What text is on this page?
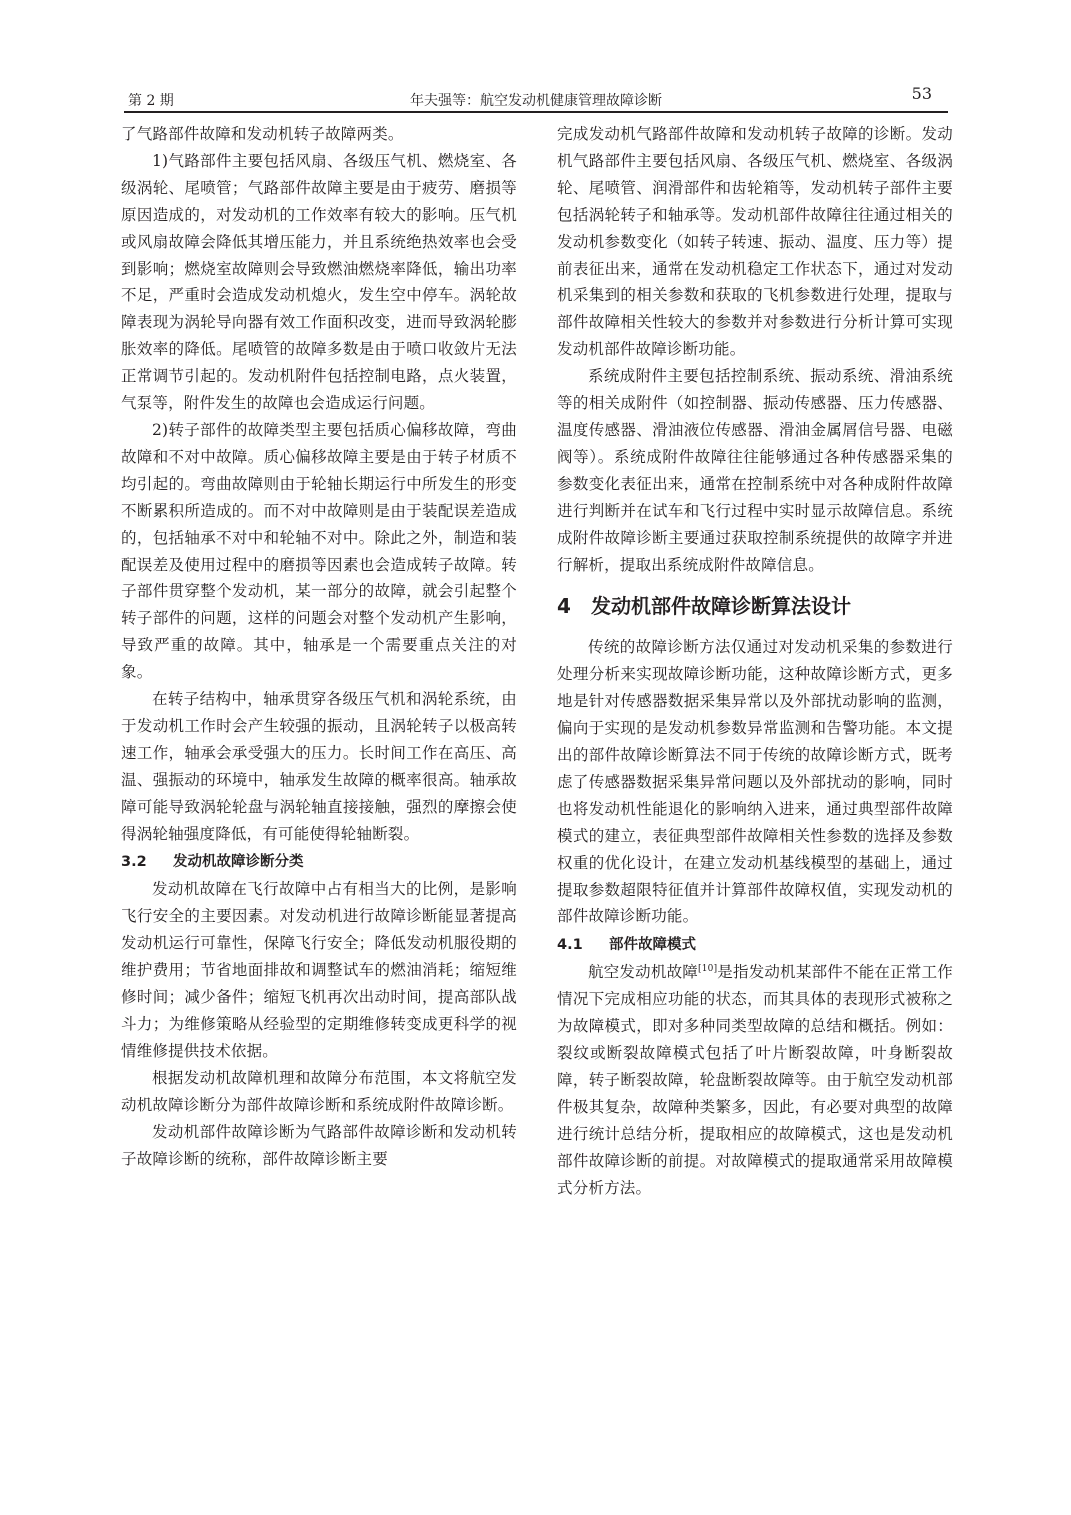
第 2 期	年夫强等：航空发动机健康管理故障诊断	53

了气路部件故障和发动机转子故障两类。

1)气路部件主要包括风扇、各级压气机、燃烧室、各级涡轮、尾喷管；气路部件故障主要是由于疲劳、磨损等原因造成的，对发动机的工作效率有较大的影响。压气机或风扇故障会降低其增压能力，并且系统绝热效率也会受到影响；燃烧室故障则会导致燃油燃烧率降低，输出功率不足，严重时会造成发动机熄火，发生空中停车。涡轮故障表现为涡轮导向器有效工作面积改变，进而导致涡轮膨胀效率的降低。尾喷管的故障多数是由于喷口收敛片无法正常调节引起的。发动机附件包括控制电路，点火装置，气泵等，附件发生的故障也会造成运行问题。

2)转子部件的故障类型主要包括质心偏移故障，弯曲故障和不对中故障。质心偏移故障主要是由于转子材质不均引起的。弯曲故障则由于轮轴长期运行中所发生的形变不断累积所造成的。而不对中故障则是由于装配误差造成的，包括轴承不对中和轮轴不对中。除此之外，制造和装配误差及使用过程中的磨损等因素也会造成转子故障。转子部件贯穿整个发动机，某一部分的故障，就会引起整个转子部件的问题，这样的问题会对整个发动机产生影响，导致严重的故障。其中，轴承是一个需要重点关注的对象。

在转子结构中，轴承贯穿各级压气机和涡轮系统，由于发动机工作时会产生较强的振动，且涡轮转子以极高转速工作，轴承会承受强大的压力。长时间工作在高压、高温、强振动的环境中，轴承发生故障的概率很高。轴承故障可能导致涡轮轮盘与涡轮轴直接接触，强烈的摩擦会使得涡轮轴强度降低，有可能使得轮轴断裂。

3.2 发动机故障诊断分类

发动机故障在飞行故障中占有相当大的比例，是影响飞行安全的主要因素。对发动机进行故障诊断能显著提高发动机运行可靠性，保障飞行安全；降低发动机服役期的维护费用；节省地面排故和调整试车的燃油消耗；缩短维修时间；减少备件；缩短飞机再次出动时间，提高部队战斗力；为维修策略从经验型的定期维修转变成更科学的视情维修提供技术依据。

根据发动机故障机理和故障分布范围，本文将航空发动机故障诊断分为部件故障诊断和系统成附件故障诊断。

发动机部件故障诊断为气路部件故障诊断和发动机转子故障诊断的统称，部件故障诊断主要

完成发动机气路部件故障和发动机转子故障的诊断。发动机气路部件主要包括风扇、各级压气机、燃烧室、各级涡轮、尾喷管、润滑部件和齿轮箱等，发动机转子部件主要包括涡轮转子和轴承等。发动机部件故障往往通过相关的发动机参数变化（如转子转速、振动、温度、压力等）提前表征出来，通常在发动机稳定工作状态下，通过对发动机采集到的相关参数和获取的飞机参数进行处理，提取与部件故障相关性较大的参数并对参数进行分析计算可实现发动机部件故障诊断功能。

系统成附件主要包括控制系统、振动系统、滑油系统等的相关成附件（如控制器、振动传感器、压力传感器、温度传感器、滑油液位传感器、滑油金属屑信号器、电磁阀等）。系统成附件故障往往能够通过各种传感器采集的参数变化表征出来，通常在控制系统中对各种成附件故障进行判断并在试车和飞行过程中实时显示故障信息。系统成附件故障诊断主要通过获取控制系统提供的故障字并进行解析，提取出系统成附件故障信息。

4 发动机部件故障诊断算法设计

传统的故障诊断方法仅通过对发动机采集的参数进行处理分析来实现故障诊断功能，这种故障诊断方式，更多地是针对传感器数据采集异常以及外部扰动影响的监测，偏向于实现的是发动机参数异常监测和告警功能。本文提出的部件故障诊断算法不同于传统的故障诊断方式，既考虑了传感器数据采集异常问题以及外部扰动的影响，同时也将发动机性能退化的影响纳入进来，通过典型部件故障模式的建立，表征典型部件故障相关性参数的选择及参数权重的优化设计，在建立发动机基线模型的基础上，通过提取参数超限特征值并计算部件故障权值，实现发动机的部件故障诊断功能。

4.1 部件故障模式

航空发动机故障[10]是指发动机某部件不能在正常工作情况下完成相应功能的状态，而其具体的表现形式被称之为故障模式，即对多种同类型故障的总结和概括。例如：裂纹或断裂故障模式包括了叶片断裂故障，叶身断裂故障，转子断裂故障，轮盘断裂故障等。由于航空发动机部件极其复杂，故障种类繁多，因此，有必要对典型的故障进行统计总结分析，提取相应的故障模式，这也是发动机部件故障诊断的前提。对故障模式的提取通常采用故障模式分析方法。
